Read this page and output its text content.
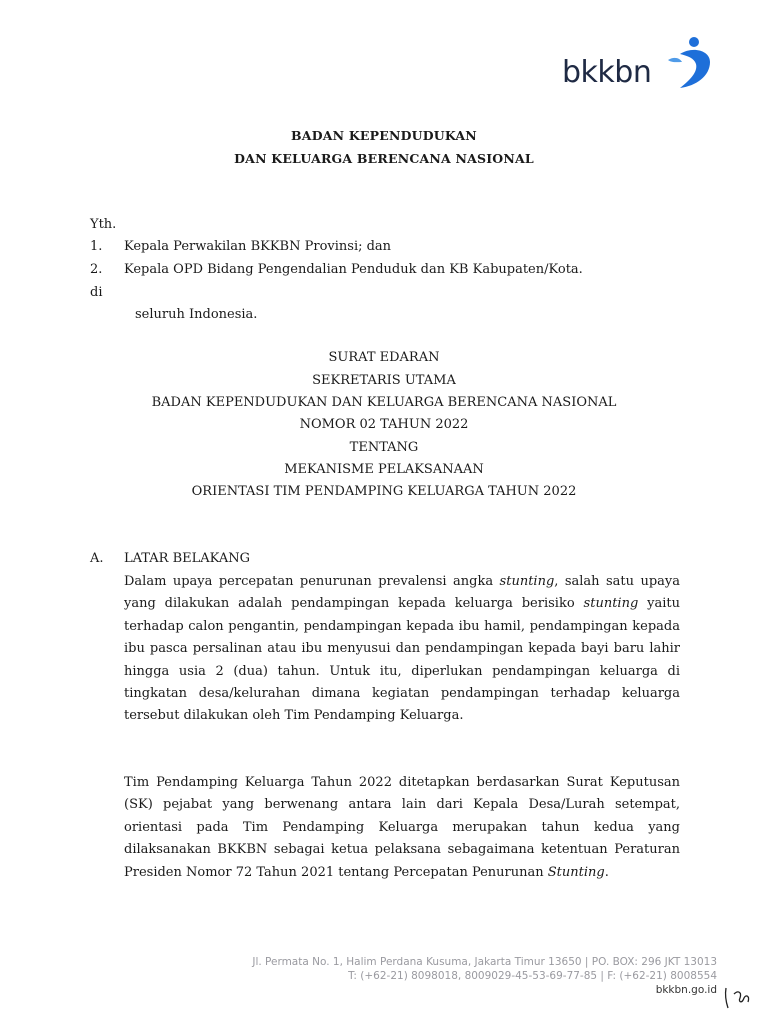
bkkbn
BADAN KEPENDUDUKAN
DAN KELUARGA BERENCANA NASIONAL
Yth.
1. Kepala Perwakilan BKKBN Provinsi; dan
2. Kepala OPD Bidang Pengendalian Penduduk dan KB Kabupaten/Kota.
di
seluruh Indonesia.
SURAT EDARAN
SEKRETARIS UTAMA
BADAN KEPENDUDUKAN DAN KELUARGA BERENCANA NASIONAL
NOMOR 02 TAHUN 2022
TENTANG
MEKANISME PELAKSANAAN
ORIENTASI TIM PENDAMPING KELUARGA TAHUN 2022
A. LATAR BELAKANG
Dalam upaya percepatan penurunan prevalensi angka stunting, salah satu upaya yang dilakukan adalah pendampingan kepada keluarga berisiko stunting yaitu terhadap calon pengantin, pendampingan kepada ibu hamil, pendampingan kepada ibu pasca persalinan atau ibu menyusui dan pendampingan kepada bayi baru lahir hingga usia 2 (dua) tahun. Untuk itu, diperlukan pendampingan keluarga di tingkatan desa/kelurahan dimana kegiatan pendampingan terhadap keluarga tersebut dilakukan oleh Tim Pendamping Keluarga.
Tim Pendamping Keluarga Tahun 2022 ditetapkan berdasarkan Surat Keputusan (SK) pejabat yang berwenang antara lain dari Kepala Desa/Lurah setempat, orientasi pada Tim Pendamping Keluarga merupakan tahun kedua yang dilaksanakan BKKBN sebagai ketua pelaksana sebagaimana ketentuan Peraturan Presiden Nomor 72 Tahun 2021 tentang Percepatan Penurunan Stunting.
Jl. Permata No. 1, Halim Perdana Kusuma, Jakarta Timur 13650 | PO. BOX: 296 JKT 13013
T: (+62-21) 8098018, 8009029-45-53-69-77-85 | F: (+62-21) 8008554
bkkbn.go.id
